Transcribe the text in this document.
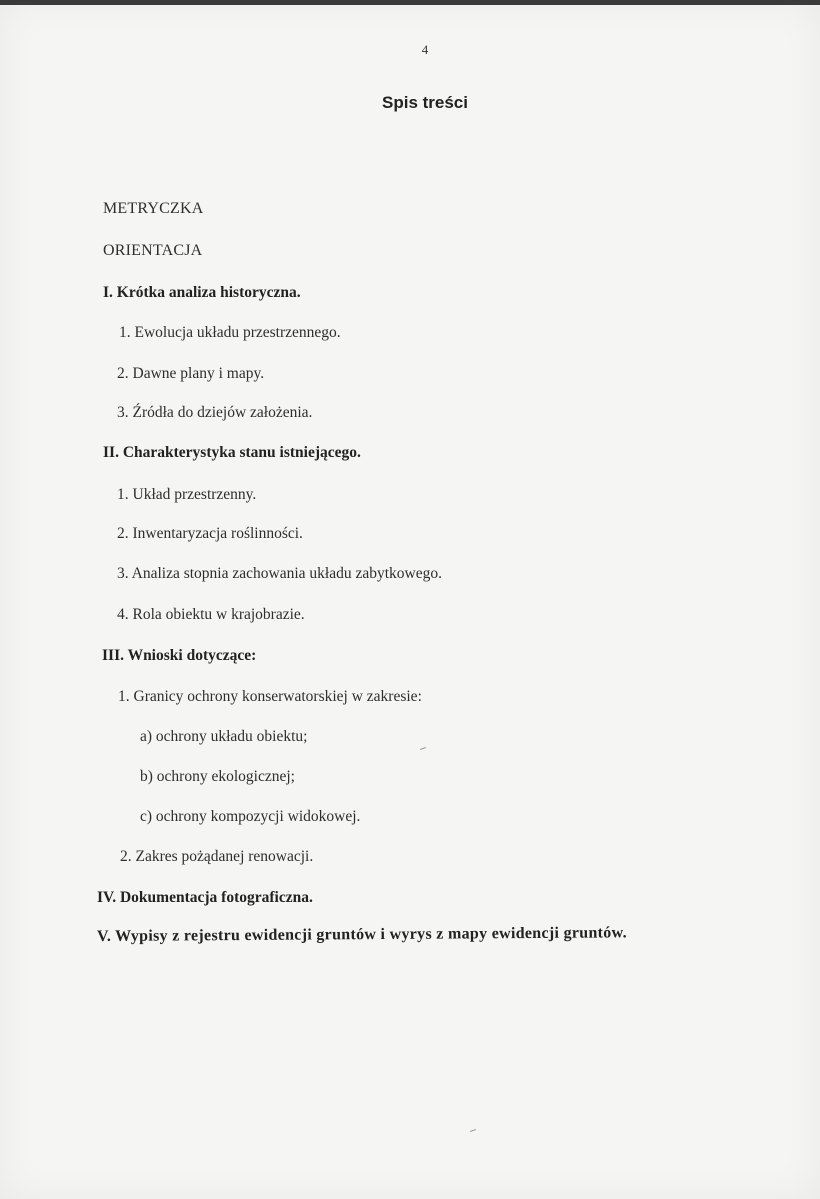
4
Spis treści
METRYCZKA
ORIENTACJA
I. Krótka analiza historyczna.
1. Ewolucja układu przestrzennego.
2. Dawne plany i mapy.
3. Źródła do dziejów założenia.
II. Charakterystyka stanu istniejącego.
1. Układ przestrzenny.
2. Inwentaryzacja roślinności.
3. Analiza stopnia zachowania układu zabytkowego.
4. Rola obiektu w krajobrazie.
III. Wnioski dotyczące:
1. Granicy ochrony konserwatorskiej w zakresie:
a) ochrony układu obiektu;
b) ochrony ekologicznej;
c) ochrony kompozycji widokowej.
2. Zakres pożądanej renowacji.
IV. Dokumentacja fotograficzna.
V. Wypisy z rejestru ewidencji gruntów i wyrys z mapy ewidencji gruntów.
